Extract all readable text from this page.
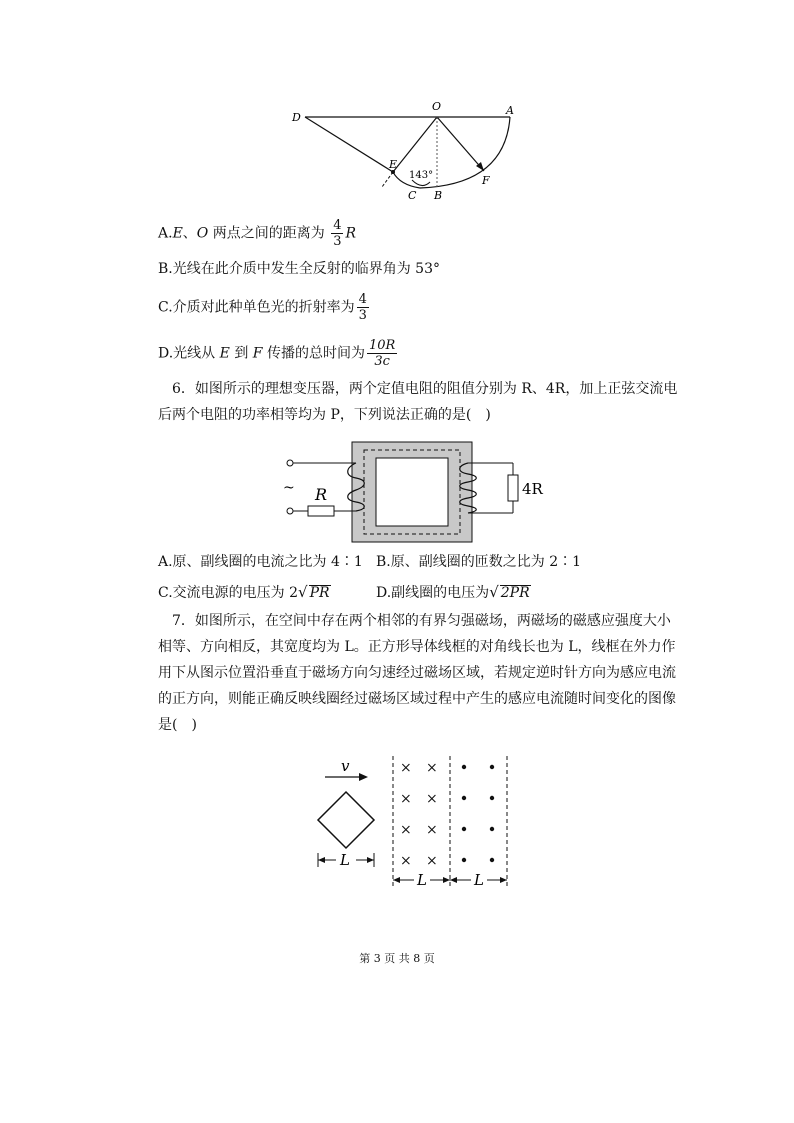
D
O	A
E
143°
C B
F
A.E、O 两点之间的距离为 $\frac{4}{3}$ R
B.光线在此介质中发生全反射的临界角为 53°
C.介质对此种单色光的折射率为 $\frac{4}{3}$
D.光线从 E 到 F 传播的总时间为 $\frac{10R}{3c}$
6．如图所示的理想变压器，两个定值电阻的阻值分别为 R、4R，加上正弦交流电
后两个电阻的功率相等均为 P，下列说法正确的是(　)
~ R	4R
A.原、副线圈的电流之比为 4∶1 B.原、副线圈的匝数之比为 2∶1
C.交流电源的电压为 2√ PR	D.副线圈的电压为√ 2PR
7．如图所示，在空间中存在两个相邻的有界匀强磁场，两磁场的磁感应强度大小
相等、方向相反，其宽度均为 L。正方形导体线框的对角线长也为 L，线框在外力作
用下从图示位置沿垂直于磁场方向匀速经过磁场区域，若规定逆时针方向为感应电流
的正方向，则能正确反映线圈经过磁场区域过程中产生的感应电流随时间变化的图像
是(　)
v
L
× ×
× ×
× ×
× ×
L	L
第 3 页 共 8 页
